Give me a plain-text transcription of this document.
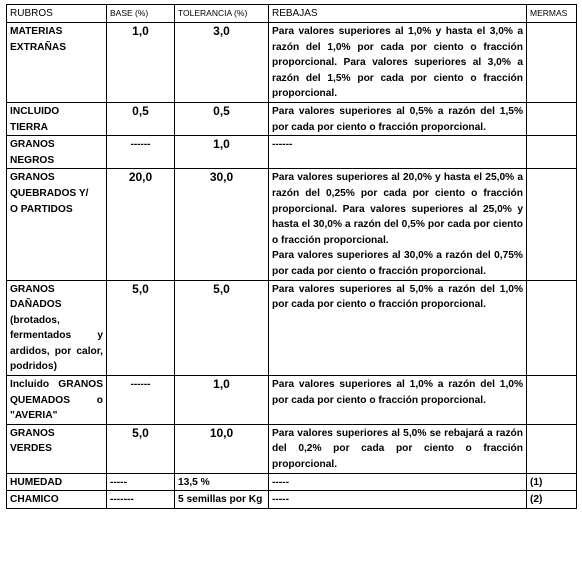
RUBROS	BASE (%)	TOLERANCIA (%)	REBAJAS	MERMAS
MATERIAS EXTRAÑAS	1,0	3,0	Para valores superiores al 1,0% y hasta el 3,0% a razón del 1,0% por cada por ciento o fracción proporcional. Para valores superiores al 3,0% a razón del 1,5% por cada por ciento o fracción proporcional.	

INCLUIDO TIERRA	0,5	0,5	Para valores superiores al 0,5% a razón del 1,5% por cada por ciento o fracción proporcional.	

GRANOS NEGROS	------	1,0	------	

GRANOS QUEBRADOS Y/ O PARTIDOS	20,0	30,0	Para valores superiores al 20,0% y hasta el 25,0% a razón del 0,25% por cada por ciento o fracción proporcional. Para valores superiores al 25,0% y hasta el 30,0% a razón del 0,5% por cada por ciento o fracción proporcional.
Para valores superiores al 30,0% a razón del 0,75% por cada por ciento o fracción proporcional.	

GRANOS DAÑADOS (brotados, fermentados y ardidos, por calor, podridos)	5,0	5,0	Para valores superiores al 5,0% a razón del 1,0% por cada por ciento o fracción proporcional.	

Incluido GRANOS QUEMADOS o "AVERIA"	------	1,0	Para valores superiores al 1,0% a razón del 1,0% por cada por ciento o fracción proporcional.	

GRANOS VERDES	5,0	10,0	Para valores superiores al 5,0% se rebajará a razón del 0,2% por cada por ciento o fracción proporcional.	

HUMEDAD	-----	13,5 %	-----	(1)
CHAMICO	-------	5 semillas por Kg	-----	(2)
